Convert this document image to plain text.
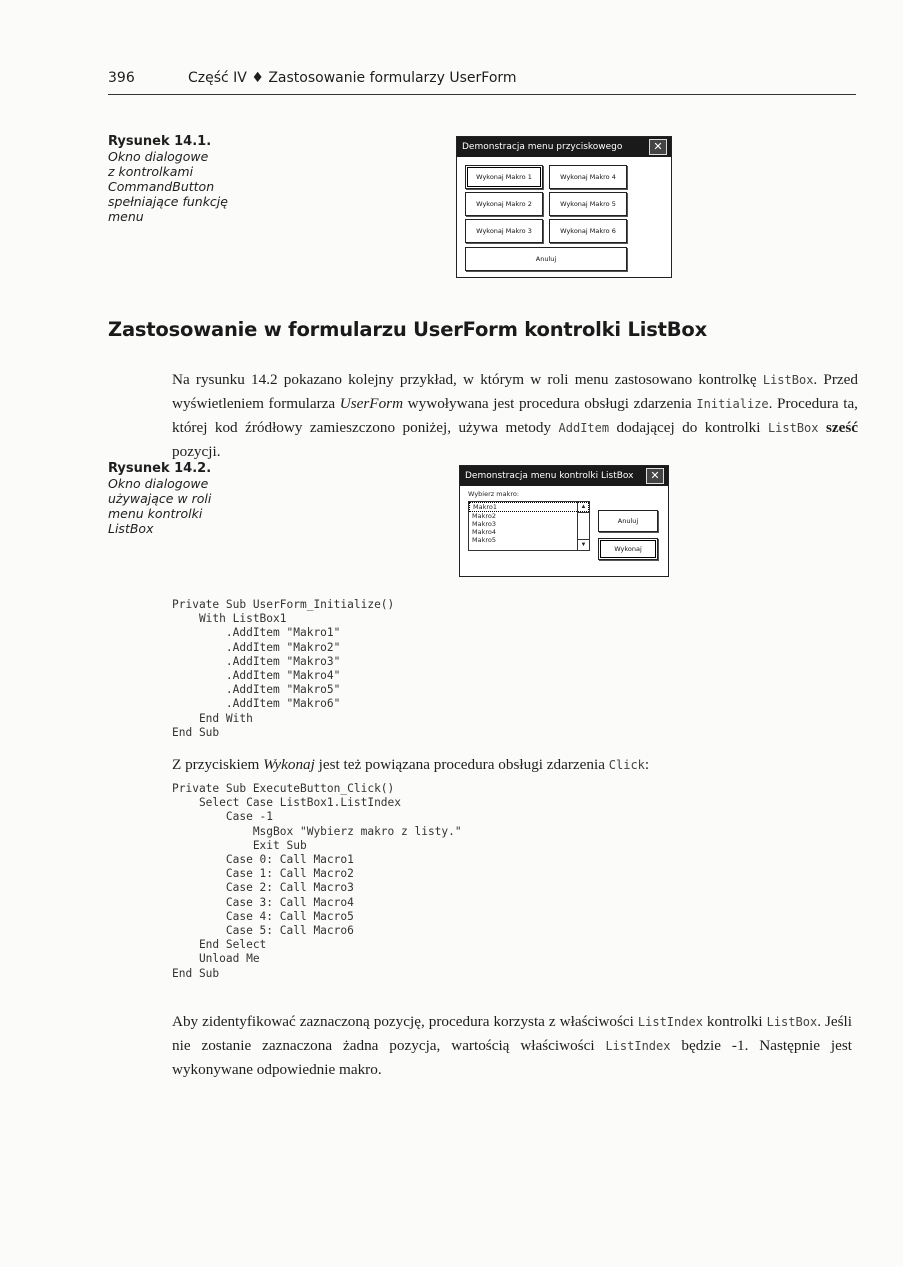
396	Część IV ♦ Zastosowanie formularzy UserForm
Rysunek 14.1.
Okno dialogowe
z kontrolkami
CommandButton
spełniające funkcję
menu
Demonstracja menu przyciskowego	✕
Wykonaj Makro 1	Wykonaj Makro 4
Wykonaj Makro 2	Wykonaj Makro 5
Wykonaj Makro 3	Wykonaj Makro 6
Anuluj
Zastosowanie w formularzu UserForm kontrolki ListBox
Na rysunku 14.2 pokazano kolejny przykład, w którym w roli menu zastosowano kontrolkę ListBox. Przed wyświetleniem formularza UserForm wywoływana jest procedura obsługi zdarzenia Initialize. Procedura ta, której kod źródłowy zamieszczono poniżej, używa metody AddItem dodającej do kontrolki ListBox sześć pozycji.
Rysunek 14.2.
Okno dialogowe
używające w roli
menu kontrolki
ListBox
Demonstracja menu kontrolki ListBox	✕
Wybierz makro:
Makro1
Makro2
Makro3
Makro4
Makro5
▲
▼
Anuluj
Wykonaj
Private Sub UserForm_Initialize()
With ListBox1
.AddItem "Makro1"
.AddItem "Makro2"
.AddItem "Makro3"
.AddItem "Makro4"
.AddItem "Makro5"
.AddItem "Makro6"
End With
End Sub
Z przyciskiem Wykonaj jest też powiązana procedura obsługi zdarzenia Click:
Private Sub ExecuteButton_Click()
Select Case ListBox1.ListIndex
Case -1
MsgBox "Wybierz makro z listy."
Exit Sub
Case 0: Call Macro1
Case 1: Call Macro2
Case 2: Call Macro3
Case 3: Call Macro4
Case 4: Call Macro5
Case 5: Call Macro6
End Select
Unload Me
End Sub
Aby zidentyfikować zaznaczoną pozycję, procedura korzysta z właściwości ListIndex kontrolki ListBox. Jeśli nie zostanie zaznaczona żadna pozycja, wartością właściwości ListIndex będzie -1. Następnie jest wykonywane odpowiednie makro.
